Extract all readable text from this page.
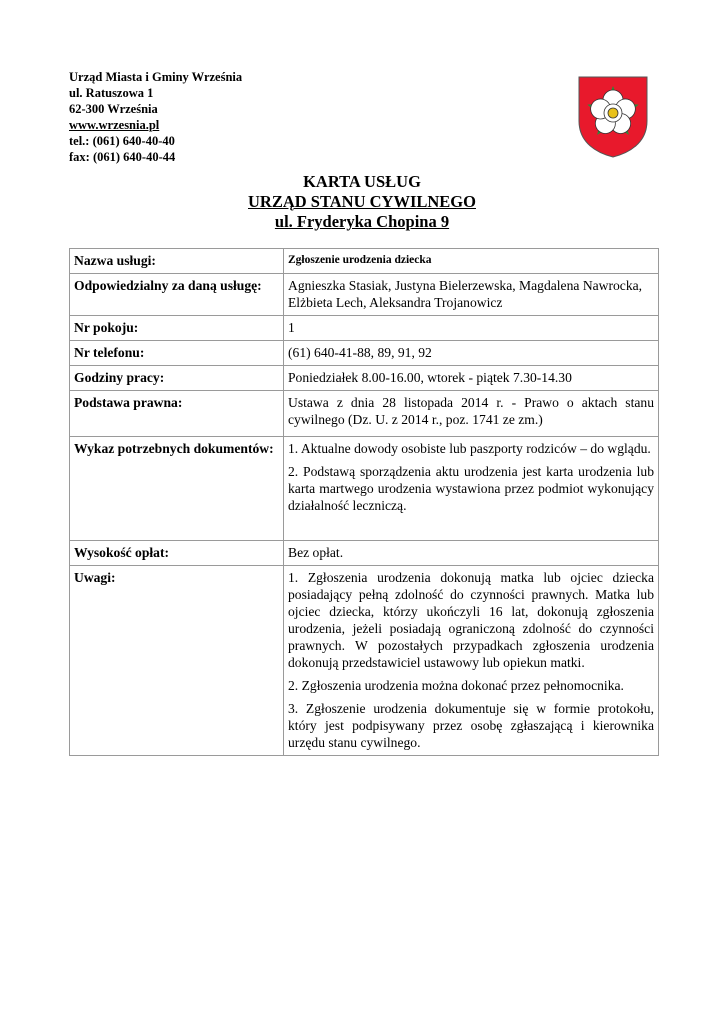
Urząd Miasta i Gminy Września
ul. Ratuszowa 1
62-300 Września
www.wrzesnia.pl
tel.: (061) 640-40-40
fax: (061) 640-40-44
KARTA USŁUG
URZĄD STANU CYWILNEGO
ul. Fryderyka Chopina 9
Nazwa usługi:	Zgłoszenie urodzenia dziecka
Odpowiedzialny za daną usługę:	Agnieszka Stasiak, Justyna Bielerzewska, Magdalena Nawrocka, Elżbieta Lech, Aleksandra Trojanowicz
Nr pokoju:	1
Nr telefonu:	(61) 640-41-88, 89, 91, 92
Godziny pracy:	Poniedziałek 8.00-16.00, wtorek - piątek 7.30-14.30
Podstawa prawna:	Ustawa z dnia 28 listopada 2014 r. - Prawo o aktach stanu cywilnego (Dz. U. z 2014 r., poz. 1741 ze zm.)
Wykaz potrzebnych dokumentów:	1. Aktualne dowody osobiste lub paszporty rodziców – do wglądu.

2. Podstawą sporządzenia aktu urodzenia jest karta urodzenia lub karta martwego urodzenia wystawiona przez podmiot wykonujący działalność leczniczą.

Wysokość opłat:	Bez opłat.
Uwagi:	1. Zgłoszenia urodzenia dokonują matka lub ojciec dziecka posiadający pełną zdolność do czynności prawnych. Matka lub ojciec dziecka, którzy ukończyli 16 lat, dokonują zgłoszenia urodzenia, jeżeli posiadają ograniczoną zdolność do czynności prawnych. W pozostałych przypadkach zgłoszenia urodzenia dokonują przedstawiciel ustawowy lub opiekun matki.

2. Zgłoszenia urodzenia można dokonać przez pełnomocnika.

3. Zgłoszenie urodzenia dokumentuje się w formie protokołu, który jest podpisywany przez osobę zgłaszającą i kierownika urzędu stanu cywilnego.
